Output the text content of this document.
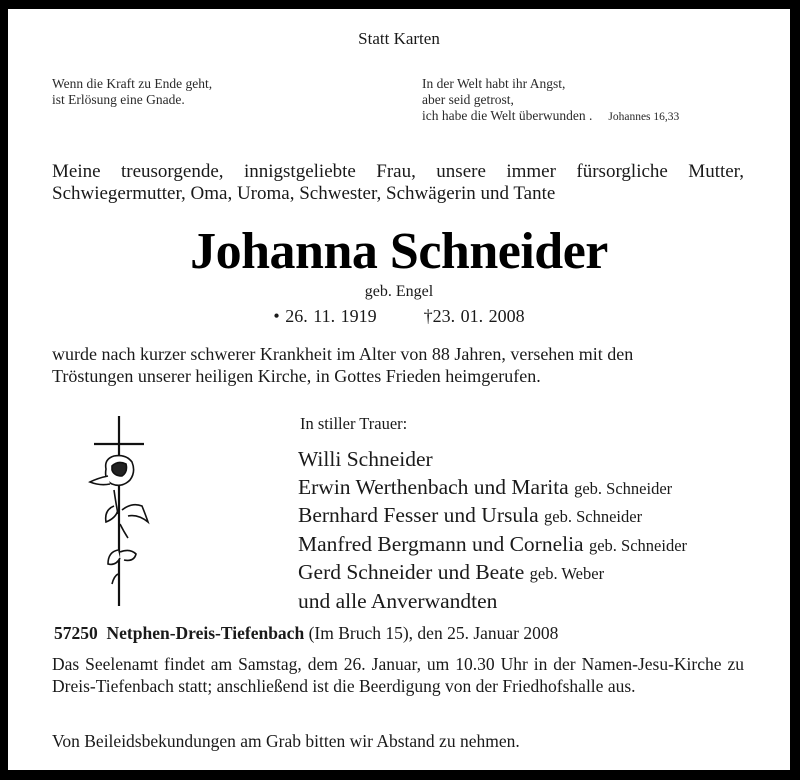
Statt Karten
Wenn die Kraft zu Ende geht,
ist Erlösung eine Gnade.
In der Welt habt ihr Angst,
aber seid getrost,
ich habe die Welt überwunden . Johannes 16,33
Meine treusorgende, innigstgeliebte Frau, unsere immer fürsorgliche Mutter,
Schwiegermutter, Oma, Uroma, Schwester, Schwägerin und Tante
Johanna Schneider
geb. Engel
• 26. 11. 1919	†23. 01. 2008
wurde nach kurzer schwerer Krankheit im Alter von 88 Jahren, versehen mit den
Tröstungen unserer heiligen Kirche, in Gottes Frieden heimgerufen.
In stiller Trauer:
Willi Schneider
Erwin Werthenbach und Marita geb. Schneider
Bernhard Fesser und Ursula geb. Schneider
Manfred Bergmann und Cornelia geb. Schneider
Gerd Schneider und Beate geb. Weber
und alle Anverwandten
57250 Netphen-Dreis-Tiefenbach (Im Bruch 15), den 25. Januar 2008
Das Seelenamt findet am Samstag, dem 26. Januar, um 10.30 Uhr in der Namen-Jesu-Kirche zu Dreis-Tiefenbach statt; anschließend ist die Beerdigung von der Friedhofshalle aus.
Von Beileidsbekundungen am Grab bitten wir Abstand zu nehmen.
